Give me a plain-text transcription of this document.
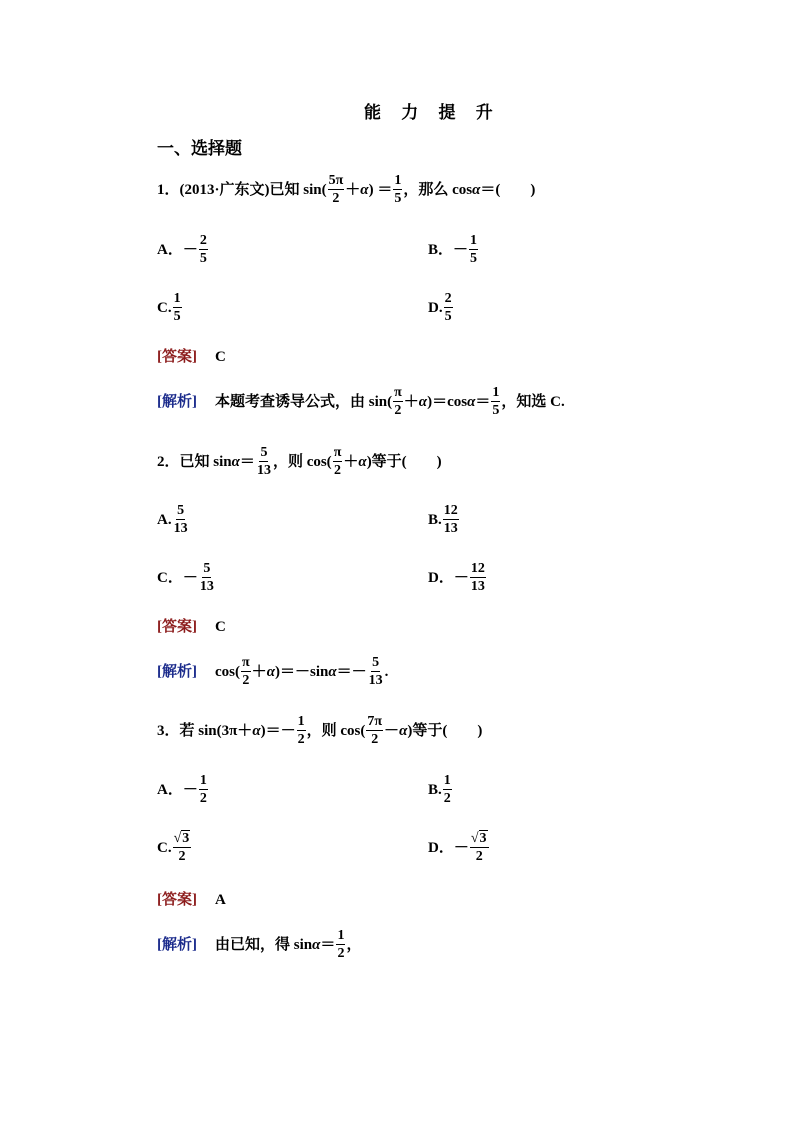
能 力 提 升
一、选择题
1．(2013·广东文)已知 $\sin( \frac{5\pi}{2} +\alpha) = \frac{1}{5}$ ，那么 cosα＝(　　)
A．－ $\frac{2}{5}$	B．－ $\frac{1}{5}$
C. $\frac{1}{5}$	D. $\frac{2}{5}$
[答案] C
[解析] 本题考查诱导公式，由 $\sin( \frac{\pi}{2} +\alpha)=\cos\alpha= \frac{1}{5}$ ，知选 C.
2．已知 $\sin\alpha= \frac{5}{13}$ ，则 $\cos( \frac{\pi}{2} +\alpha)$等于(　　)
A. $\frac{5}{13}$	B. $\frac{12}{13}$
C．－ $\frac{5}{13}$	D．－ $\frac{12}{13}$
[答案] C
[解析] $\cos( \frac{\pi}{2} +\alpha)=-\sin\alpha=- \frac{5}{13}$ .
3．若 $\sin(3\pi+\alpha)=- \frac{1}{2}$ ，则 $\cos( \frac{7\pi}{2} -\alpha)$等于(　　)
A．－ $\frac{1}{2}$	B. $\frac{1}{2}$
C. $\frac{√3}{2}$	D．－ $\frac{√3}{2}$
[答案] A
[解析] 由已知，得 $\sin\alpha= \frac{1}{2}$ ，
